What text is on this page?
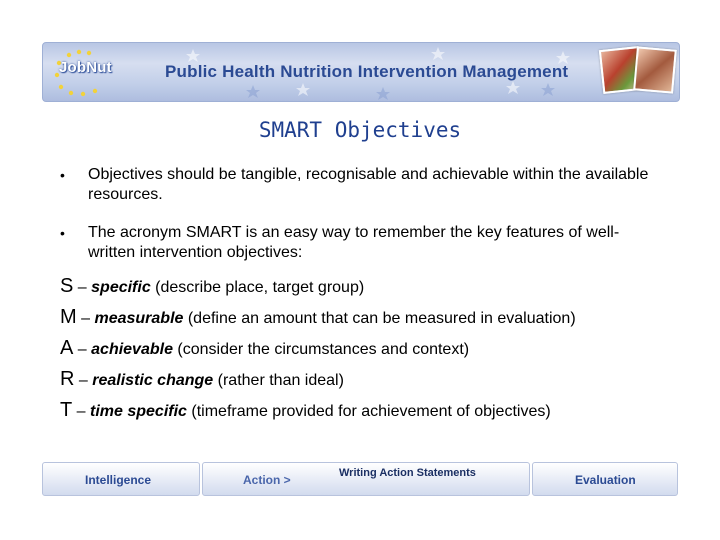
JobNut	Public Health Nutrition Intervention Management
SMART Objectives
• Objectives should be tangible, recognisable and achievable within the available resources.
• The acronym SMART is an easy way to remember the key features of well-written intervention objectives:
S – specific (describe place, target group)
M – measurable (define an amount that can be measured in evaluation)
A – achievable (consider the circumstances and context)
R – realistic change (rather than ideal)
T – time specific (timeframe provided for achievement of objectives)
Intelligence	Action >	Writing Action Statements	Evaluation
